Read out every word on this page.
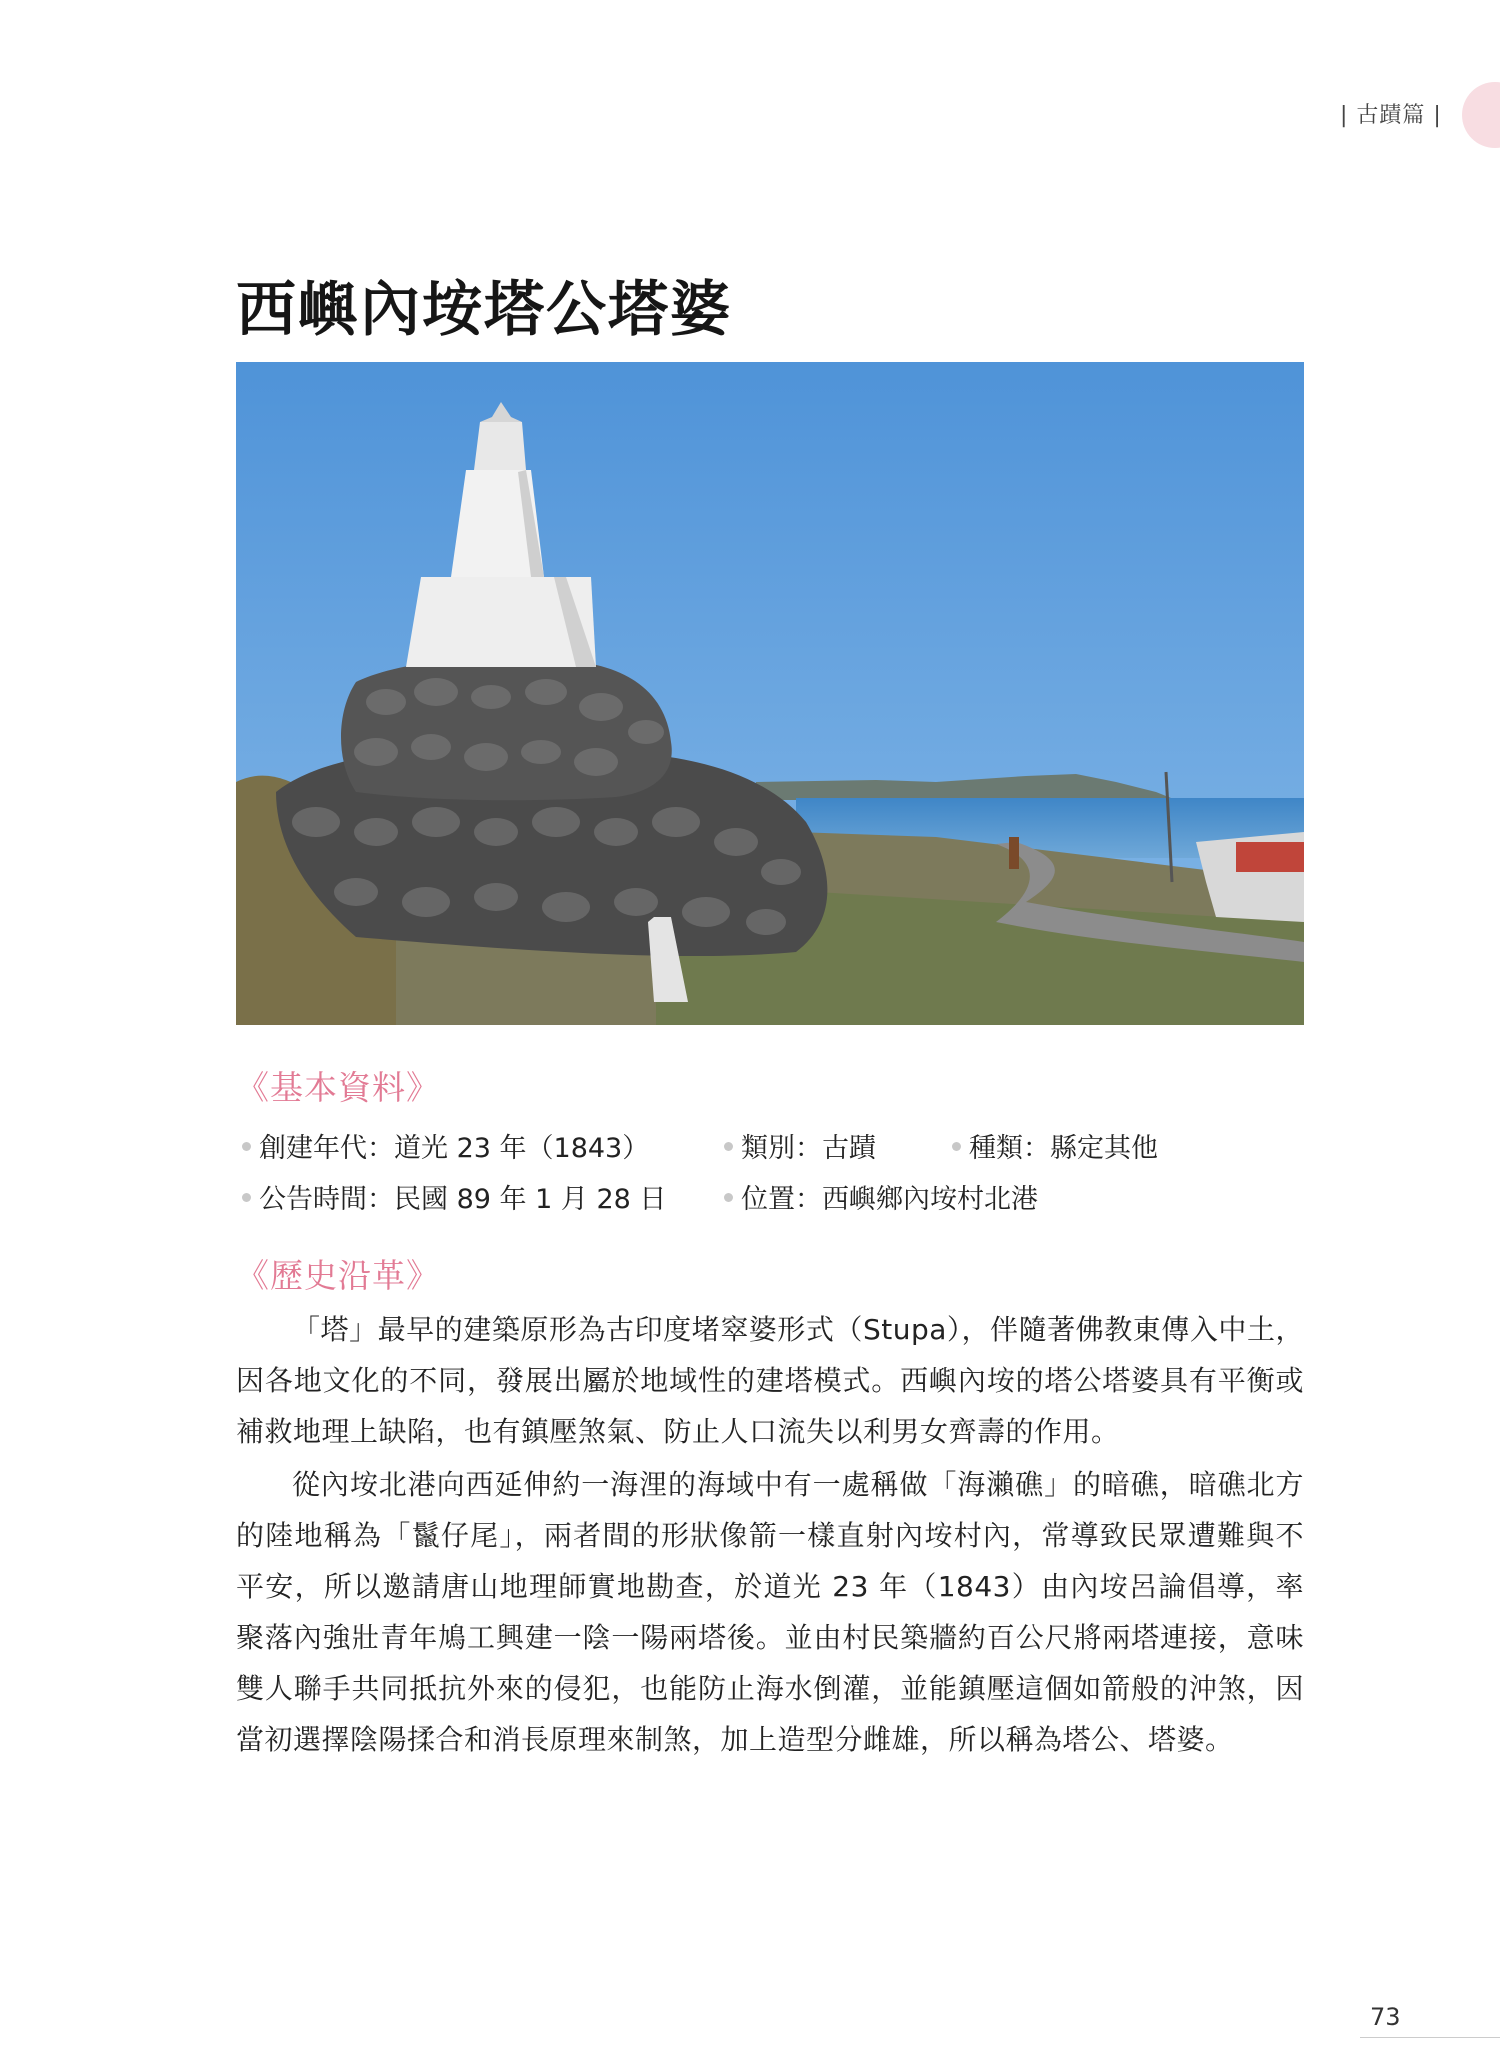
| 古蹟篇 |
西嶼內垵塔公塔婆
《基本資料》
創建年代：道光 23 年（1843）	類別：古蹟	種類：縣定其他
公告時間：民國 89 年 1 月 28 日	位置：西嶼鄉內垵村北港
《歷史沿革》

「塔」最早的建築原形為古印度堵窣婆形式（Stupa），伴隨著佛教東傳入中土，因各地文化的不同，發展出屬於地域性的建塔模式。西嶼內垵的塔公塔婆具有平衡或補救地理上缺陷，也有鎮壓煞氣、防止人口流失以利男女齊壽的作用。

從內垵北港向西延伸約一海浬的海域中有一處稱做「海瀨礁」的暗礁，暗礁北方的陸地稱為「鬣仔尾」，兩者間的形狀像箭一樣直射內垵村內，常導致民眾遭難與不平安，所以邀請唐山地理師實地勘查，於道光 23 年（1843）由內垵呂論倡導，率聚落內強壯青年鳩工興建一陰一陽兩塔後。並由村民築牆約百公尺將兩塔連接，意味雙人聯手共同抵抗外來的侵犯，也能防止海水倒灌，並能鎮壓這個如箭般的沖煞，因當初選擇陰陽揉合和消長原理來制煞，加上造型分雌雄，所以稱為塔公、塔婆。

73
